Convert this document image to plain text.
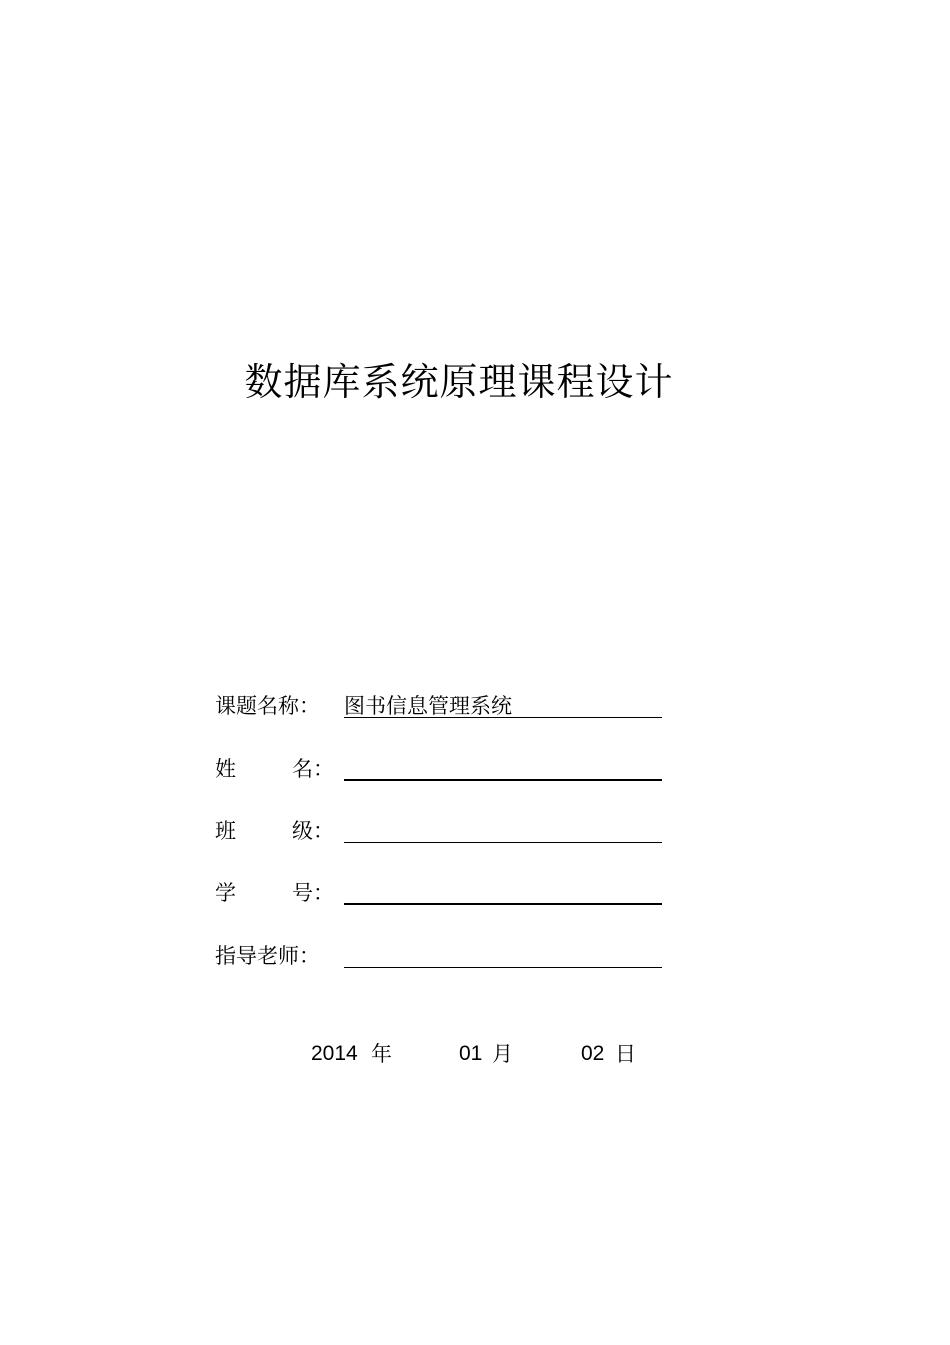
数据库系统原理课程设计
课题名称： 图书信息管理系统
姓	名：
班	级：
学	号：
指导老师：
2014 年	01 月	02 日
